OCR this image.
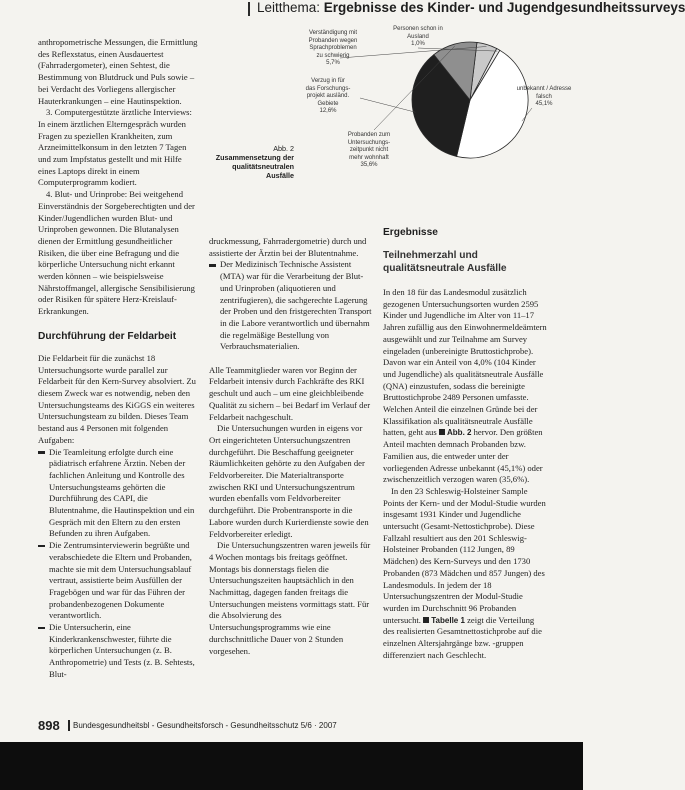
Leitthema: Ergebnisse des Kinder- und Jugendgesundheitssurveys
Verständigung mit
Probanden wegen
Sprachproblemen
zu schwierig
5,7%
Personen schon in
Ausland
1,0%
unbekannt / Adresse
falsch
45,1%
Verzug in für
das Forschungs-
projekt ausländ.
Gebiete
12,6%
Probanden zum
Untersuchungs-
zeitpunkt nicht
mehr wohnhaft
35,6%
Abb. 2 Zusammensetzung der qualitätsneutralen Ausfälle

anthropometrische Messungen, die Ermittlung des Reflexstatus, einen Ausdauertest (Fahrradergometer), einen Sehtest, die Bestimmung von Blutdruck und Puls sowie – bei Verdacht des Vorliegens allergischer Hauterkrankungen – eine Hautinspektion.

3. Computergestützte ärztliche Interviews: In einem ärztlichen Elterngespräch wurden Fragen zu speziellen Krankheiten, zum Arzneimittelkonsum in den letzten 7 Tagen und zum Impfstatus gestellt und mit Hilfe eines Laptops direkt in einem Computerprogramm kodiert.

4. Blut- und Urinprobe: Bei weitgehend Einverständnis der Sorgeberechtigten und der Kinder/Jugendlichen wurden Blut- und Urinproben gewonnen. Die Blutanalysen dienen der Ermittlung gesundheitlicher Risiken, die über eine Befragung und die körperliche Untersuchung nicht erkannt werden können – wie beispielsweise Nährstoffmangel, allergische Sensibilisierung oder Risiken für spätere Herz-Kreislauf-Erkrankungen.

Durchführung der Feldarbeit

Die Feldarbeit für die zunächst 18 Untersuchungsorte wurde parallel zur Feldarbeit für den Kern-Survey absolviert. Zu diesem Zweck war es notwendig, neben den Untersuchungsteams des KiGGS ein weiteres Untersuchungsteam zu bilden. Dieses Team bestand aus 4 Personen mit folgenden Aufgaben:

Die Teamleitung erfolgte durch eine pädiatrisch erfahrene Ärztin. Neben der fachlichen Anleitung und Kontrolle des Untersuchungsteams gehörten die Durchführung des CAPI, die Blutentnahme, die Hautinspektion und ein Gespräch mit den Eltern zu den ersten Befunden zu ihren Aufgaben.
Die Zentrumsinterviewerin begrüßte und verabschiedete die Eltern und Probanden, machte sie mit dem Untersuchungsablauf vertraut, assistierte beim Ausfüllen der Fragebögen und war für das Führen der probandenbezogenen Dokumente verantwortlich.
Die Untersucherin, eine Kinderkrankenschwester, führte die körperlichen Untersuchungen (z. B. Anthropometrie) und Tests (z. B. Sehtests, Blut-

druckmessung, Fahrradergometrie) durch und assistierte der Ärztin bei der Blutentnahme.

Der Medizinisch Technische Assistent (MTA) war für die Verarbeitung der Blut- und Urinproben (aliquotieren und zentrifugieren), die sachgerechte Lagerung der Proben und den fristgerechten Transport in die Labore verantwortlich und übernahm die regelmäßige Bestellung von Verbrauchsmaterialien.

Alle Teammitglieder waren vor Beginn der Feldarbeit intensiv durch Fachkräfte des RKI geschult und auch – um eine gleichbleibende Qualität zu sichern – bei Bedarf im Verlauf der Feldarbeit nachgeschult.

Die Untersuchungen wurden in eigens vor Ort eingerichteten Untersuchungszentren durchgeführt. Die Beschaffung geeigneter Räumlichkeiten gehörte zu den Aufgaben der Feldvorbereiter. Die Materialtransporte zwischen RKI und Untersuchungszentrum wurden ebenfalls vom Feldvorbereiter durchgeführt. Die Probentransporte in die Labore wurden durch Kurierdienste sowie den Feldvorbereiter erledigt.

Die Untersuchungszentren waren jeweils für 4 Wochen montags bis freitags geöffnet. Montags bis donnerstags fielen die Untersuchungszeiten hauptsächlich in den Nachmittag, dagegen fanden freitags die Untersuchungen meistens vormittags statt. Für die Absolvierung des Untersuchungsprogramms wie eine durchschnittliche Dauer von 2 Stunden vorgesehen.

Ergebnisse
Teilnehmerzahl und qualitätsneutrale Ausfälle

In den 18 für das Landesmodul zusätzlich gezogenen Untersuchungsorten wurden 2595 Kinder und Jugendliche im Alter von 11–17 Jahren zufällig aus den Einwohnermeldeämtern ausgewählt und zur Teilnahme am Survey eingeladen (unbereinigte Bruttostichprobe). Davon war ein Anteil von 4,0% (104 Kinder und Jugendliche) als qualitätsneutrale Ausfälle (QNA) einzustufen, sodass die bereinigte Bruttostichprobe 2489 Personen umfasste. Welchen Anteil die einzelnen Gründe bei der Klassifikation als qualitätsneutrale Ausfälle hatten, geht aus Abb. 2 hervor. Den größten Anteil machten demnach Probanden bzw. Familien aus, die entweder unter der vorliegenden Adresse unbekannt (45,1%) oder zwischenzeitlich verzogen waren (35,6%).

In den 23 Schleswig-Holsteiner Sample Points der Kern- und der Modul-Studie wurden insgesamt 1931 Kinder und Jugendliche untersucht (Gesamt-Nettostichprobe). Diese Fallzahl resultiert aus den 201 Schleswig-Holsteiner Probanden (112 Jungen, 89 Mädchen) des Kern-Surveys und den 1730 Probanden (873 Mädchen und 857 Jungen) des Landesmoduls. In jedem der 18 Untersuchungszentren der Modul-Studie wurden im Durchschnitt 96 Probanden untersucht. Tabelle 1 zeigt die Verteilung des realisierten Gesamtnettostichprobe auf die einzelnen Altersjahrgänge bzw. -gruppen differenziert nach Geschlecht.

898 Bundesgesundheitsbl - Gesundheitsforsch - Gesundheitsschutz 5/6 · 2007
